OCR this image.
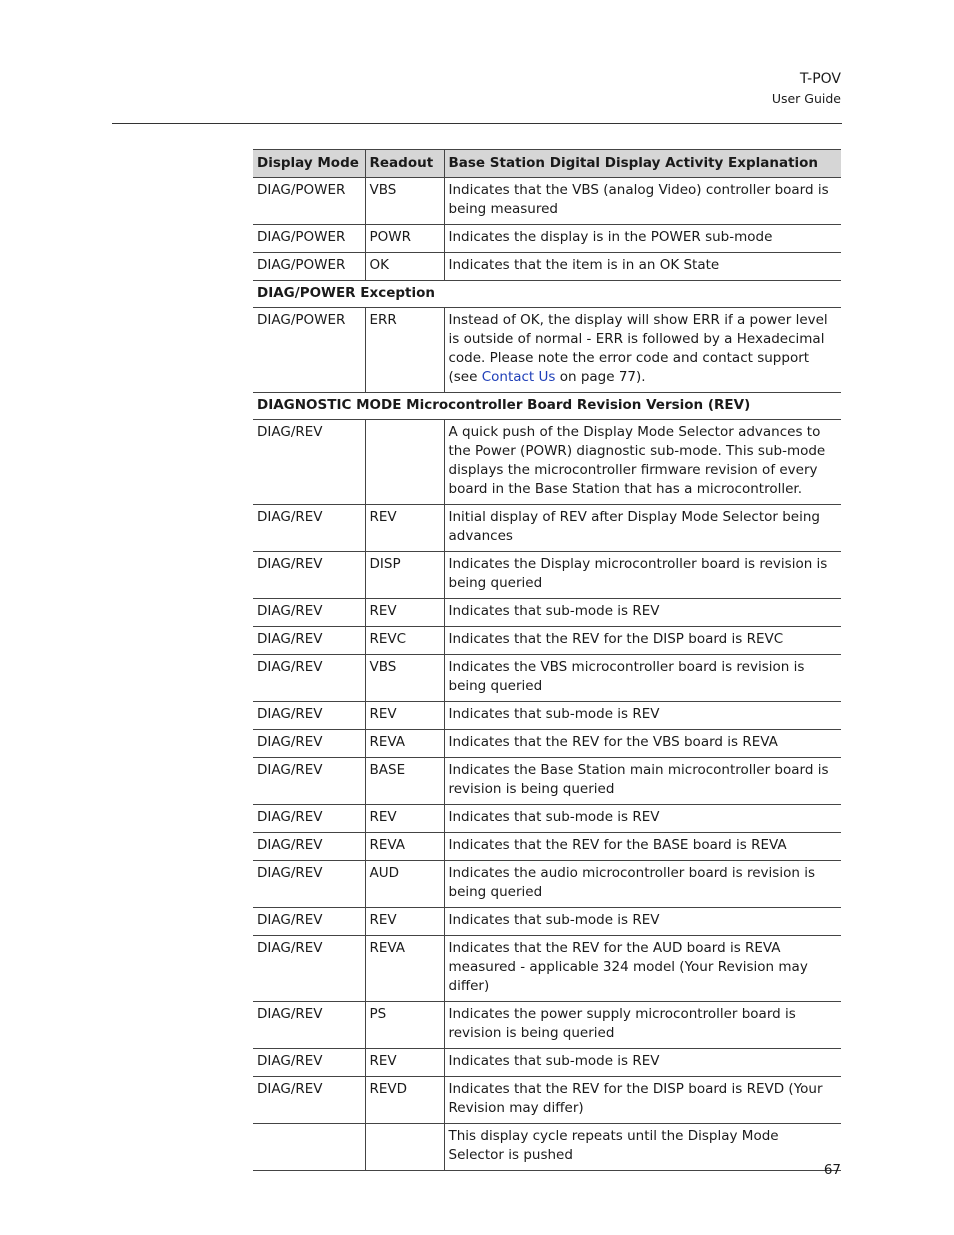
T-POV
User Guide
Display Mode	Readout	Base Station Digital Display Activity Explanation
DIAG/POWER	VBS	Indicates that the VBS (analog Video) controller board is being measured
DIAG/POWER	POWR	Indicates the display is in the POWER sub-mode
DIAG/POWER	OK	Indicates that the item is in an OK State
DIAG/POWER Exception		
DIAG/POWER	ERR	Instead of OK, the display will show ERR if a power level is outside of normal - ERR is followed by a Hexadecimal code. Please note the error code and contact support (see Contact Us on page 77).
DIAGNOSTIC MODE Microcontroller Board Revision Version (REV)		
DIAG/REV		A quick push of the Display Mode Selector advances to the Power (POWR) diagnostic sub-mode. This sub-mode displays the microcontroller firmware revision of every board in the Base Station that has a microcontroller.
DIAG/REV	REV	Initial display of REV after Display Mode Selector being advances
DIAG/REV	DISP	Indicates the Display microcontroller board is revision is being queried
DIAG/REV	REV	Indicates that sub-mode is REV
DIAG/REV	REVC	Indicates that the REV for the DISP board is REVC
DIAG/REV	VBS	Indicates the VBS microcontroller board is revision is being queried
DIAG/REV	REV	Indicates that sub-mode is REV
DIAG/REV	REVA	Indicates that the REV for the VBS board is REVA
DIAG/REV	BASE	Indicates the Base Station main microcontroller board is revision is being queried
DIAG/REV	REV	Indicates that sub-mode is REV
DIAG/REV	REVA	Indicates that the REV for the BASE board is REVA
DIAG/REV	AUD	Indicates the audio microcontroller board is revision is being queried
DIAG/REV	REV	Indicates that sub-mode is REV
DIAG/REV	REVA	Indicates that the REV for the AUD board is REVA measured - applicable 324 model (Your Revision may differ)
DIAG/REV	PS	Indicates the power supply microcontroller board is revision is being queried
DIAG/REV	REV	Indicates that sub-mode is REV
DIAG/REV	REVD	Indicates that the REV for the DISP board is REVD (Your Revision may differ)
		This display cycle repeats until the Display Mode Selector is pushed
67
